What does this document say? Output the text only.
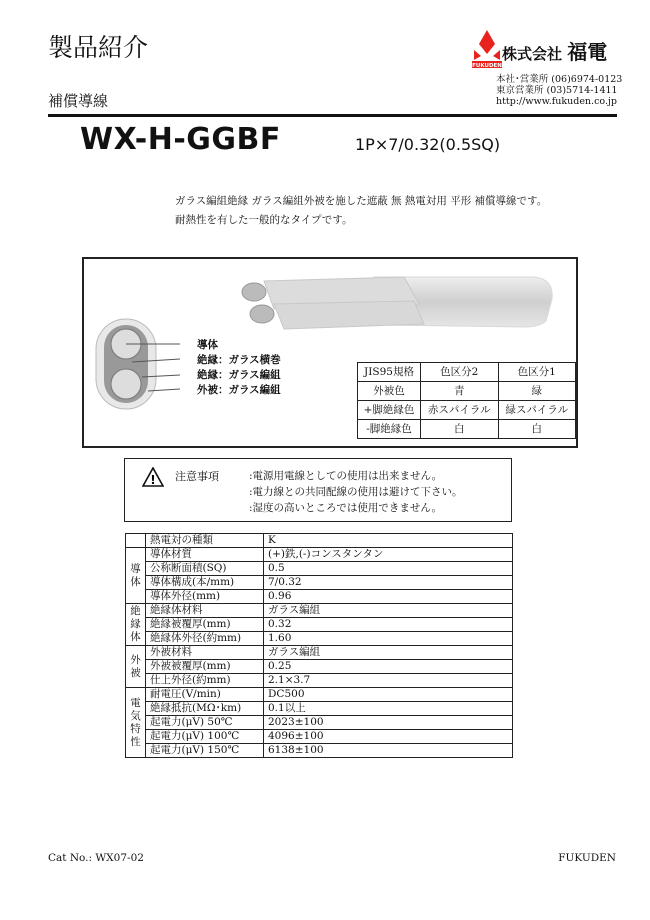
製品紹介
補償導線
WX-H-GGBF	1P×7/0.32(0.5SQ)
FUKUDEN
株式会社 福電
本社･営業所 (06)6974-0123
東京営業所 (03)5714-1411
http://www.fukuden.co.jp
ガラス編組絶縁 ガラス編組外被を施した遮蔽 無 熱電対用 平形 補償導線です。
耐熱性を有した一般的なタイプです。
導体
絶縁：ガラス横巻
絶縁：ガラス編組
外被：ガラス編組
JIS95規格	色区分2	色区分1
外被色	青	緑
+脚絶縁色	赤スパイラル	緑スパイラル
-脚絶縁色	白	白
! 注意事項	:電源用電線としての使用は出来ません。
:電力線との共同配線の使用は避けて下さい。
:湿度の高いところでは使用できません。
	熱電対の種類	K
導体	導体材質	(+)鉄,(-)コンスタンタン
	公称断面積(SQ)	0.5
	導体構成(本/mm)	7/0.32
	導体外径(mm)	0.96
絶縁体	絶縁体材料	ガラス編組
	絶縁被覆厚(mm)	0.32
	絶縁体外径(約mm)	1.60
外被	外被材料	ガラス編組
	外被被覆厚(mm)	0.25
	仕上外径(約mm)	2.1×3.7
電気特性	耐電圧(V/min)	DC500
	絶縁抵抗(MΩ･km)	0.1以上
	起電力(μV) 50℃	2023±100
	起電力(μV) 100℃	4096±100
	起電力(μV) 150℃	6138±100
Cat No.: WX07-02	FUKUDEN
